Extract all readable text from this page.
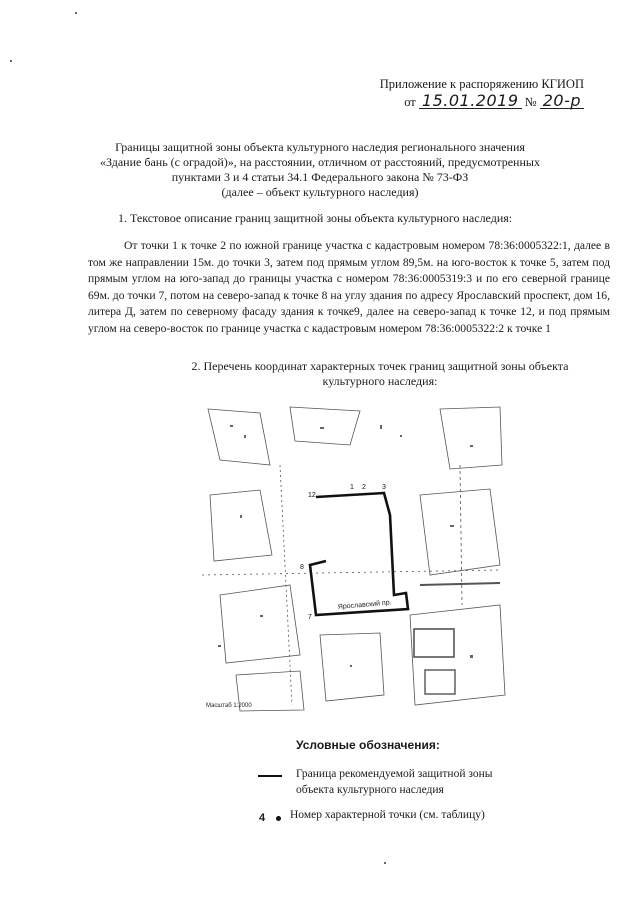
Приложение к распоряжению КГИОП
от 15.01.2019 № 20-р
Границы защитной зоны объекта культурного наследия регионального значения
«Здание бань (с оградой)», на расстоянии, отличном от расстояний, предусмотренных
пунктами 3 и 4 статьи 34.1 Федерального закона № 73-ФЗ
(далее – объект культурного наследия)
1. Текстовое описание границ защитной зоны объекта культурного наследия:
От точки 1 к точке 2 по южной границе участка с кадастровым номером 78:36:0005322:1, далее в том же направлении 15м. до точки 3, затем под прямым углом 89,5м. на юго-восток к точке 5, затем под прямым углом на юго-запад до границы участка с номером 78:36:0005319:3 и по его северной границе 69м. до точки 7, потом на северо-запад к точке 8 на углу здания по адресу Ярославский проспект, дом 16, литера Д, затем по северному фасаду здания к точке9, далее на северо-запад к точке 12, и под прямым углом на северо-восток по границе участка с кадастровым номером 78:36:0005322:2 к точке 1
2. Перечень координат характерных точек границ защитной зоны объекта
культурного наследия:
Ярославский пр.
12
1 2 3
8
7
Масштаб 1:2000
Условные обозначения:
Граница рекомендуемой защитной зоны
объекта культурного наследия
4 Номер характерной точки (см. таблицу)
